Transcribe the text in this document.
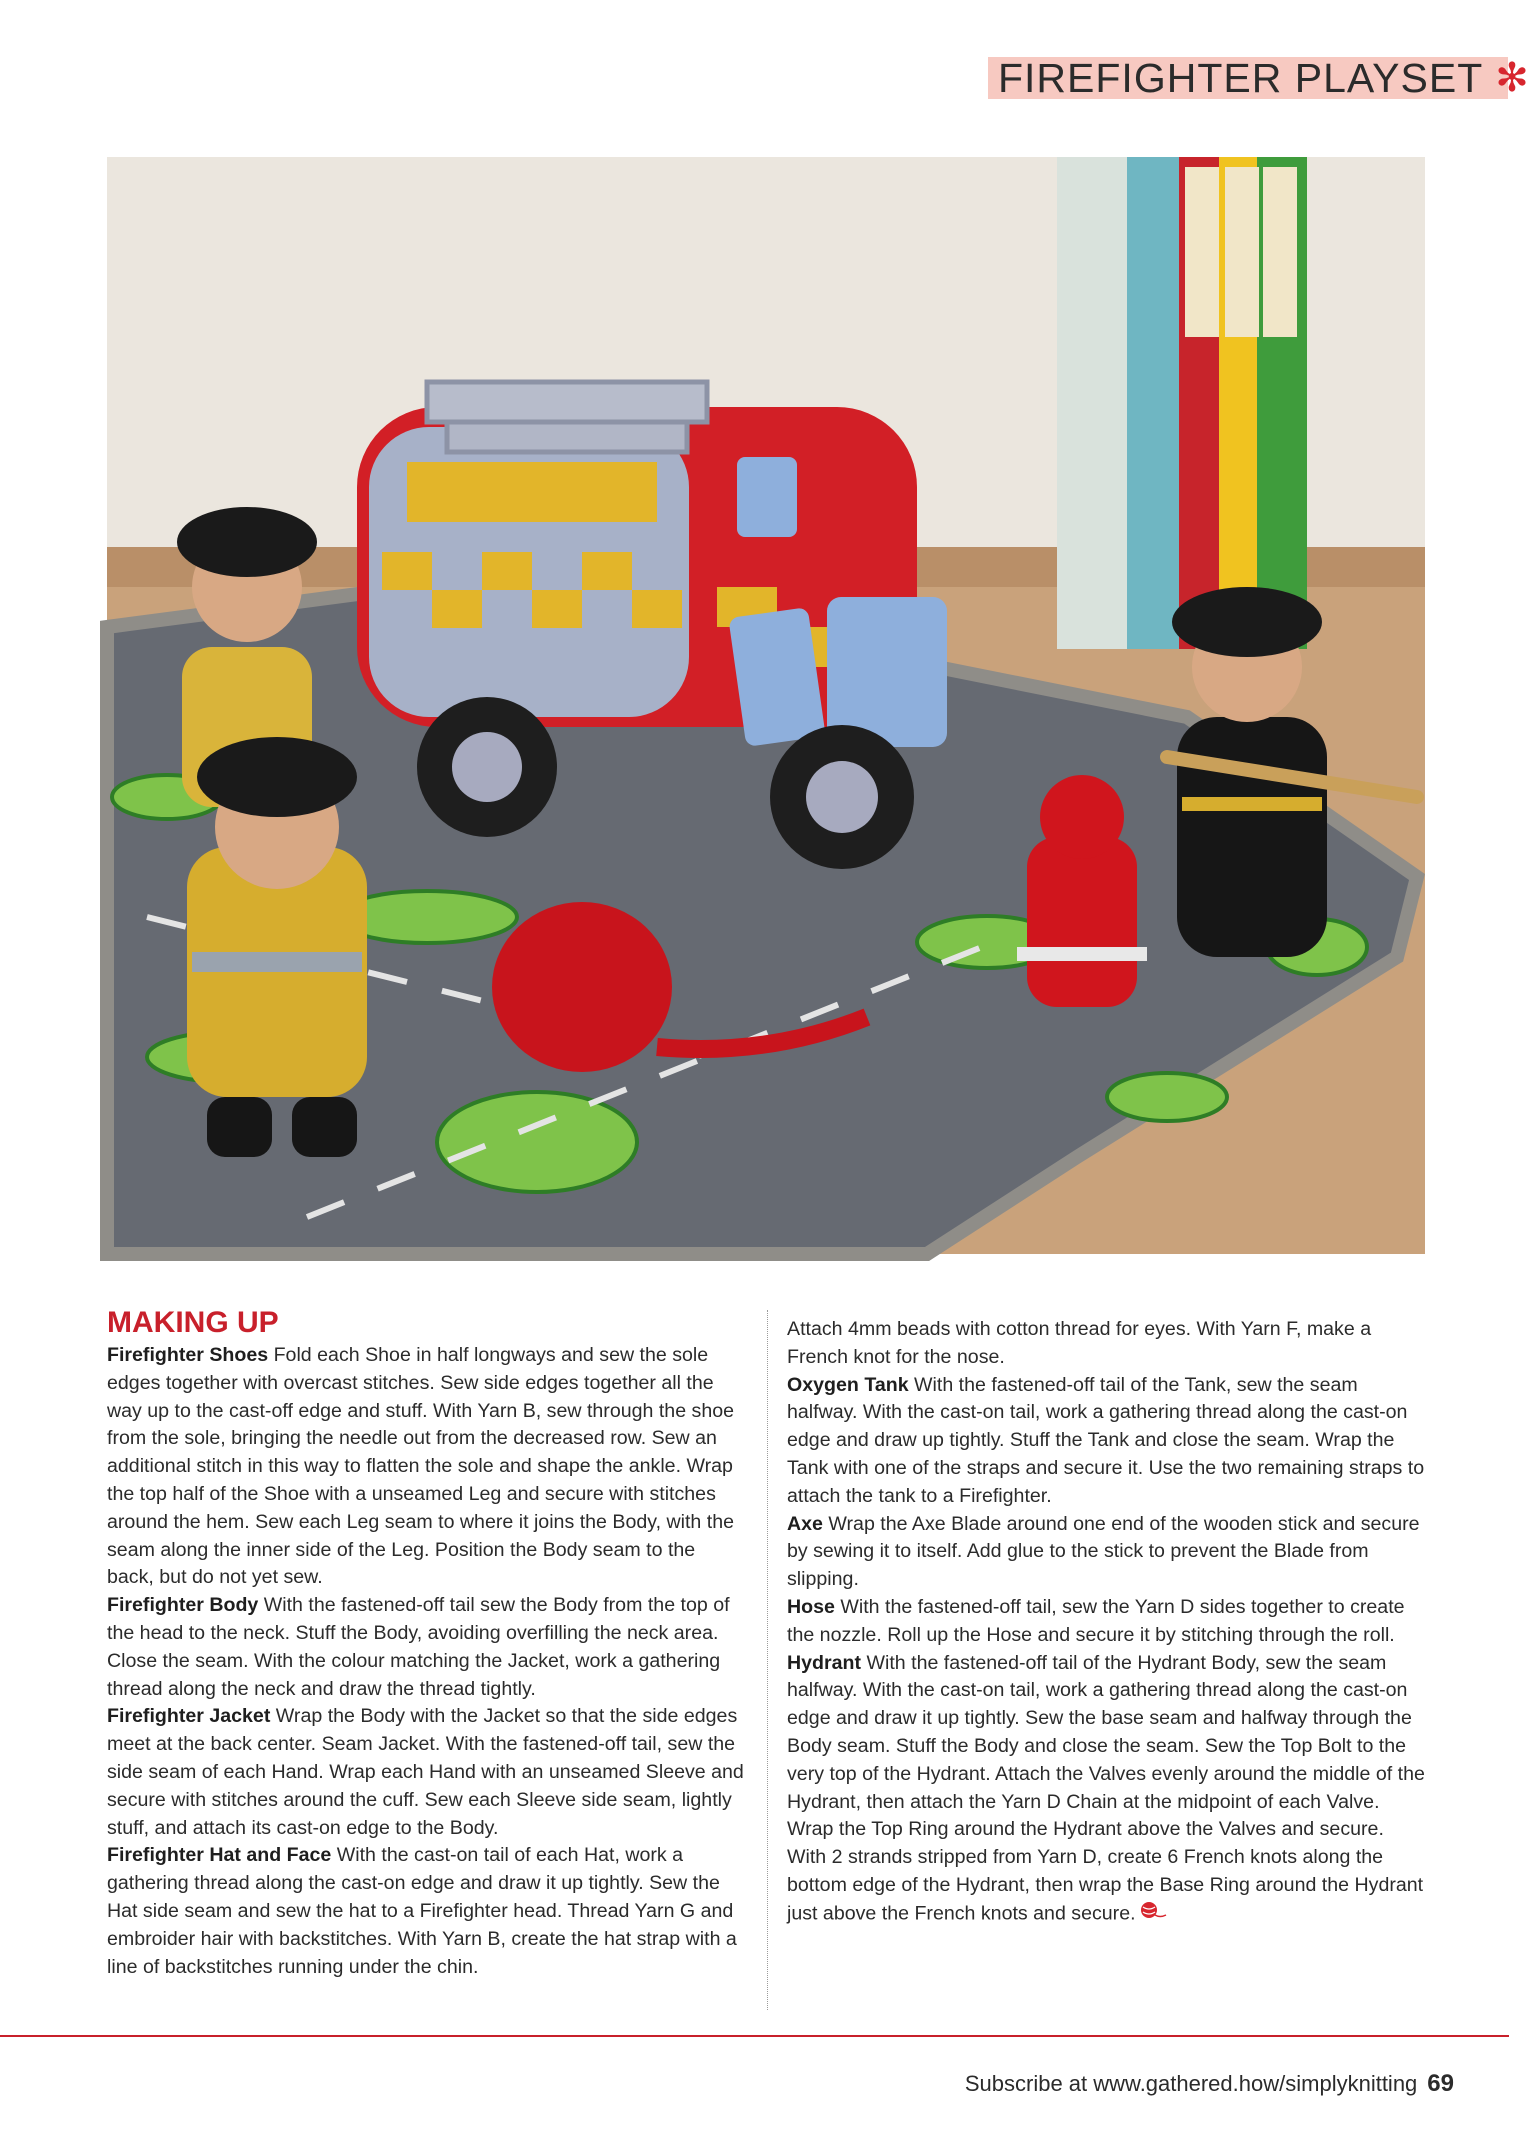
FIREFIGHTER PLAYSET ✻
MAKING UP

Firefighter Shoes Fold each Shoe in half longways and sew the sole edges together with overcast stitches. Sew side edges together all the way up to the cast-off edge and stuff. With Yarn B, sew through the shoe from the sole, bringing the needle out from the decreased row. Sew an additional stitch in this way to flatten the sole and shape the ankle. Wrap the top half of the Shoe with a unseamed Leg and secure with stitches around the hem. Sew each Leg seam to where it joins the Body, with the seam along the inner side of the Leg. Position the Body seam to the back, but do not yet sew.

Firefighter Body With the fastened-off tail sew the Body from the top of the head to the neck. Stuff the Body, avoiding overfilling the neck area. Close the seam. With the colour matching the Jacket, work a gathering thread along the neck and draw the thread tightly.

Firefighter Jacket Wrap the Body with the Jacket so that the side edges meet at the back center. Seam Jacket. With the fastened-off tail, sew the side seam of each Hand. Wrap each Hand with an unseamed Sleeve and secure with stitches around the cuff. Sew each Sleeve side seam, lightly stuff, and attach its cast-on edge to the Body.

Firefighter Hat and Face With the cast-on tail of each Hat, work a gathering thread along the cast-on edge and draw it up tightly. Sew the Hat side seam and sew the hat to a Firefighter head. Thread Yarn G and embroider hair with backstitches. With Yarn B, create the hat strap with a line of backstitches running under the chin.

Attach 4mm beads with cotton thread for eyes. With Yarn F, make a French knot for the nose.

Oxygen Tank With the fastened-off tail of the Tank, sew the seam halfway. With the cast-on tail, work a gathering thread along the cast-on edge and draw up tightly. Stuff the Tank and close the seam. Wrap the Tank with one of the straps and secure it. Use the two remaining straps to attach the tank to a Firefighter.

Axe Wrap the Axe Blade around one end of the wooden stick and secure by sewing it to itself. Add glue to the stick to prevent the Blade from slipping.

Hose With the fastened-off tail, sew the Yarn D sides together to create the nozzle. Roll up the Hose and secure it by stitching through the roll.

Hydrant With the fastened-off tail of the Hydrant Body, sew the seam halfway. With the cast-on tail, work a gathering thread along the cast-on edge and draw it up tightly. Sew the base seam and halfway through the Body seam. Stuff the Body and close the seam. Sew the Top Bolt to the very top of the Hydrant. Attach the Valves evenly around the middle of the Hydrant, then attach the Yarn D Chain at the midpoint of each Valve. Wrap the Top Ring around the Hydrant above the Valves and secure. With 2 strands stripped from Yarn D, create 6 French knots along the bottom edge of the Hydrant, then wrap the Base Ring around the Hydrant just above the French knots and secure.

Subscribe at www.gathered.how/simplyknitting 69
